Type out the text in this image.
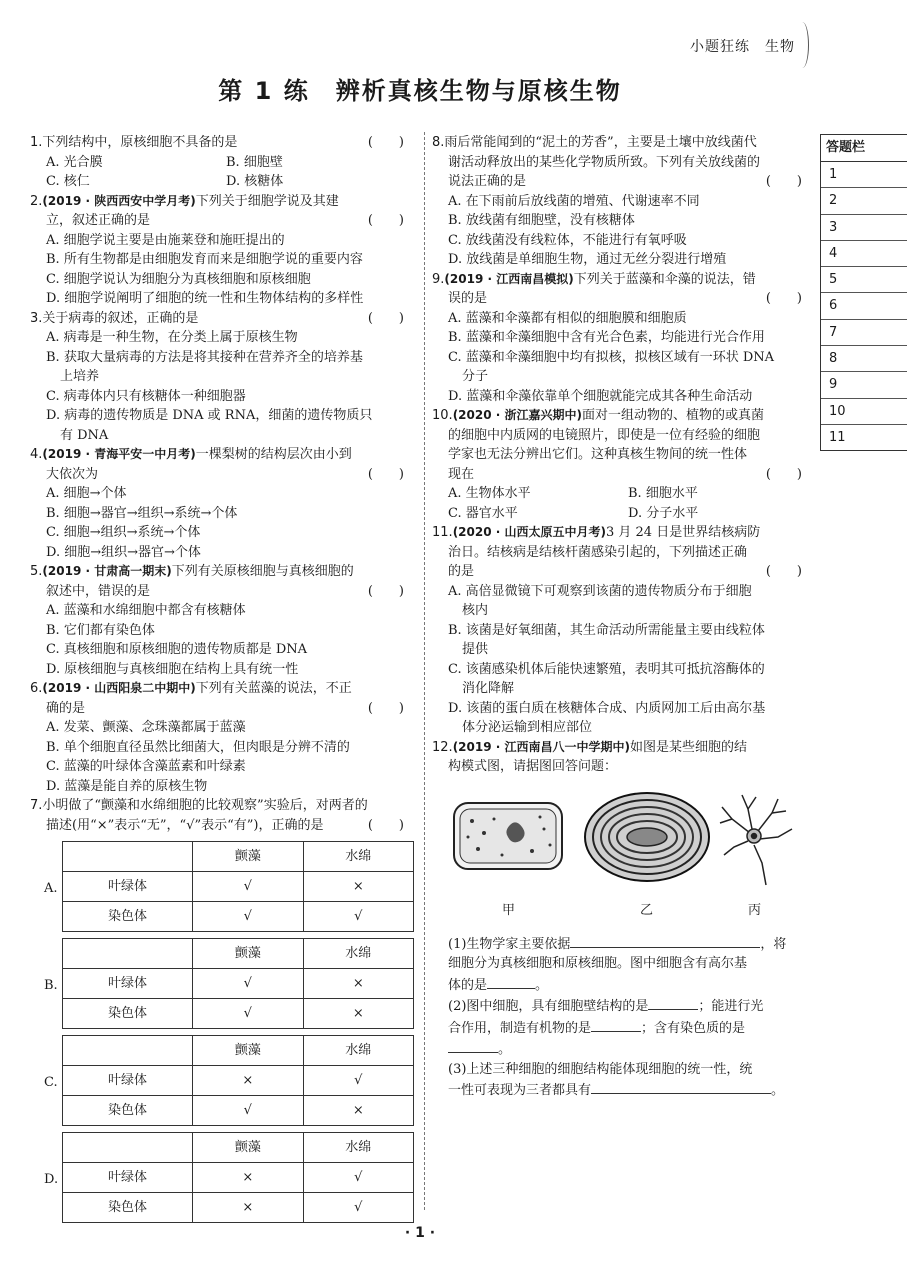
小题狂练　 生物
第 1 练　辨析真核生物与原核生物
1.下列结构中，原核细胞不具备的是	(　　)
A. 光合膜	B. 细胞壁
C. 核仁	D. 核糖体
2.(2019 · 陕西西安中学月考)下列关于细胞学说及其建
立，叙述正确的是	(　　)
A. 细胞学说主要是由施莱登和施旺提出的
B. 所有生物都是由细胞发育而来是细胞学说的重要内容
C. 细胞学说认为细胞分为真核细胞和原核细胞
D. 细胞学说阐明了细胞的统一性和生物体结构的多样性
3.关于病毒的叙述，正确的是	(　　)
A. 病毒是一种生物，在分类上属于原核生物
B. 获取大量病毒的方法是将其接种在营养齐全的培养基
上培养
C. 病毒体内只有核糖体一种细胞器
D. 病毒的遗传物质是 DNA 或 RNA，细菌的遗传物质只
有 DNA
4.(2019 · 青海平安一中月考)一棵梨树的结构层次由小到
大依次为	(　　)
A. 细胞→个体
B. 细胞→器官→组织→系统→个体
C. 细胞→组织→系统→个体
D. 细胞→组织→器官→个体
5.(2019 · 甘肃高一期末)下列有关原核细胞与真核细胞的
叙述中，错误的是	(　　)
A. 蓝藻和水绵细胞中都含有核糖体
B. 它们都有染色体
C. 真核细胞和原核细胞的遗传物质都是 DNA
D. 原核细胞与真核细胞在结构上具有统一性
6.(2019 · 山西阳泉二中期中)下列有关蓝藻的说法，不正
确的是	(　　)
A. 发菜、颤藻、念珠藻都属于蓝藻
B. 单个细胞直径虽然比细菌大，但肉眼是分辨不清的
C. 蓝藻的叶绿体含藻蓝素和叶绿素
D. 蓝藻是能自养的原核生物
7.小明做了“颤藻和水绵细胞的比较观察”实验后，对两者的
描述(用“×”表示“无”，“√”表示“有”)，正确的是	(　　)
A.
	颤藻	水绵
叶绿体	√	×
染色体	√	√
B.
	颤藻	水绵
叶绿体	√	×
染色体	√	×
C.
	颤藻	水绵
叶绿体	×	√
染色体	√	×
D.
	颤藻	水绵
叶绿体	×	√
染色体	×	√
8.雨后常能闻到的“泥土的芳香”，主要是土壤中放线菌代
谢活动释放出的某些化学物质所致。下列有关放线菌的
说法正确的是	(　　)
A. 在下雨前后放线菌的增殖、代谢速率不同
B. 放线菌有细胞壁，没有核糖体
C. 放线菌没有线粒体，不能进行有氧呼吸
D. 放线菌是单细胞生物，通过无丝分裂进行增殖
9.(2019 · 江西南昌模拟)下列关于蓝藻和伞藻的说法，错
误的是	(　　)
A. 蓝藻和伞藻都有相似的细胞膜和细胞质
B. 蓝藻和伞藻细胞中含有光合色素，均能进行光合作用
C. 蓝藻和伞藻细胞中均有拟核，拟核区域有一环状 DNA
分子
D. 蓝藻和伞藻依靠单个细胞就能完成其各种生命活动
10.(2020 · 浙江嘉兴期中)面对一组动物的、植物的或真菌
的细胞中内质网的电镜照片，即使是一位有经验的细胞
学家也无法分辨出它们。这种真核生物间的统一性体
现在	(　　)
A. 生物体水平	B. 细胞水平
C. 器官水平	D. 分子水平
11.(2020 · 山西太原五中月考)3 月 24 日是世界结核病防
治日。结核病是结核杆菌感染引起的，下列描述正确
的是	(　　)
A. 高倍显微镜下可观察到该菌的遗传物质分布于细胞
核内
B. 该菌是好氧细菌，其生命活动所需能量主要由线粒体
提供
C. 该菌感染机体后能快速繁殖，表明其可抵抗溶酶体的
消化降解
D. 该菌的蛋白质在核糖体合成、内质网加工后由高尔基
体分泌运输到相应部位
12.(2019 · 江西南昌八一中学期中)如图是某些细胞的结
构模式图，请据图回答问题：
甲	乙	丙
(1)生物学家主要依据	，将
细胞分为真核细胞和原核细胞。图中细胞含有高尔基
体的是	。
(2)图中细胞，具有细胞壁结构的是	；能进行光
合作用，制造有机物的是	；含有染色质的是
。
(3)上述三种细胞的细胞结构能体现细胞的统一性，统
一性可表现为三者都具有	。
答题栏
1
2
3
4
5
6
7
8
9
10
11
· 1 ·
